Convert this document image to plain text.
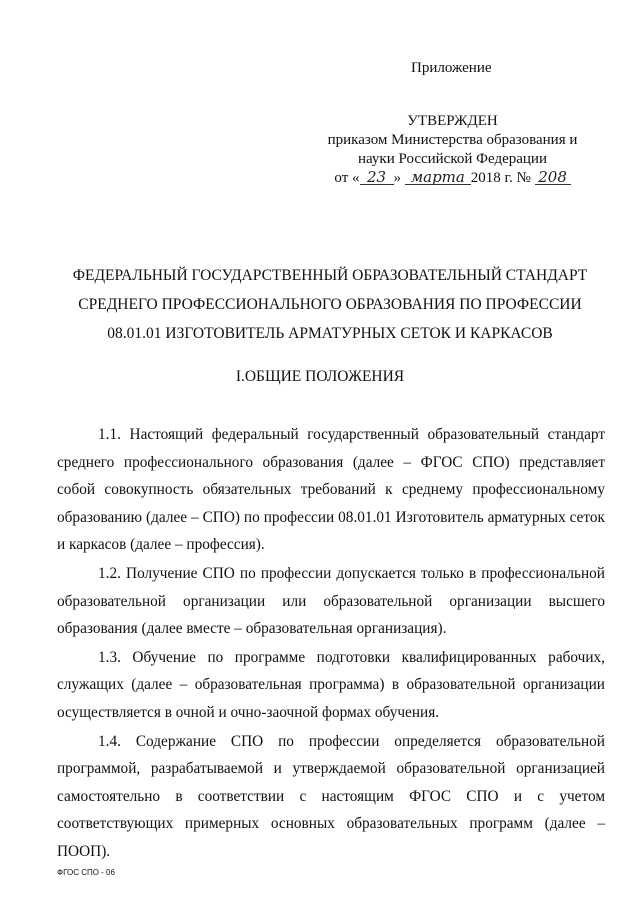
Приложение
УТВЕРЖДЕН
приказом Министерства образования и
науки Российской Федерации
от « 23 » марта 2018 г. № 208
ФЕДЕРАЛЬНЫЙ ГОСУДАРСТВЕННЫЙ ОБРАЗОВАТЕЛЬНЫЙ СТАНДАРТ
СРЕДНЕГО ПРОФЕССИОНАЛЬНОГО ОБРАЗОВАНИЯ ПО ПРОФЕССИИ
08.01.01 ИЗГОТОВИТЕЛЬ АРМАТУРНЫХ СЕТОК И КАРКАСОВ
I.ОБЩИЕ ПОЛОЖЕНИЯ

1.1. Настоящий федеральный государственный образовательный стандарт среднего профессионального образования (далее – ФГОС СПО) представляет собой совокупность обязательных требований к среднему профессиональному образованию (далее – СПО) по профессии 08.01.01 Изготовитель арматурных сеток и каркасов (далее – профессия).

1.2. Получение СПО по профессии допускается только в профессиональной образовательной организации или образовательной организации высшего образования (далее вместе – образовательная организация).

1.3. Обучение по программе подготовки квалифицированных рабочих, служащих (далее – образовательная программа) в образовательной организации осуществляется в очной и очно-заочной формах обучения.

1.4. Содержание СПО по профессии определяется образовательной программой, разрабатываемой и утверждаемой образовательной организацией самостоятельно в соответствии с настоящим ФГОС СПО и с учетом соответствующих примерных основных образовательных программ (далее – ПООП).

ФГОС СПО - 06
